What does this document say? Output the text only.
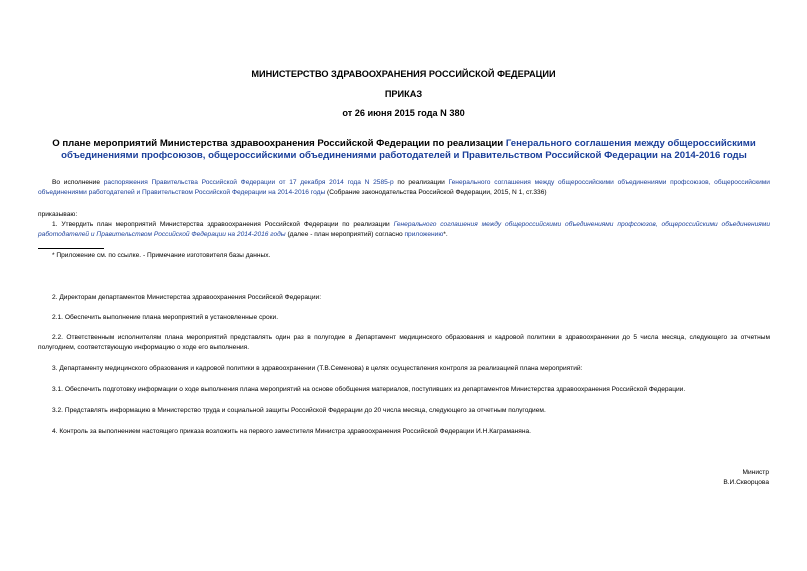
МИНИСТЕРСТВО ЗДРАВООХРАНЕНИЯ РОССИЙСКОЙ ФЕДЕРАЦИИ
ПРИКАЗ
от 26 июня 2015 года N 380
О плане мероприятий Министерства здравоохранения Российской Федерации по реализации Генерального соглашения между общероссийскими объединениями профсоюзов, общероссийскими объединениями работодателей и Правительством Российской Федерации на 2014-2016 годы
Во исполнение распоряжения Правительства Российской Федерации от 17 декабря 2014 года N 2585-р по реализации Генерального соглашения между общероссийскими объединениями профсоюзов, общероссийскими объединениями работодателей и Правительством Российской Федерации на 2014-2016 годы (Собрание законодательства Российской Федерации, 2015, N 1, ст.336)
приказываю:
1. Утвердить план мероприятий Министерства здравоохранения Российской Федерации по реализации Генерального соглашения между общероссийскими объединениями профсоюзов, общероссийскими объединениями работодателей и Правительством Российской Федерации на 2014-2016 годы (далее - план мероприятий) согласно приложению*.
* Приложение см. по ссылке. - Примечание изготовителя базы данных.
2. Директорам департаментов Министерства здравоохранения Российской Федерации:
2.1. Обеспечить выполнение плана мероприятий в установленные сроки.
2.2. Ответственным исполнителям плана мероприятий представлять один раз в полугодие в Департамент медицинского образования и кадровой политики в здравоохранении до 5 числа месяца, следующего за отчетным полугодием, соответствующую информацию о ходе его выполнения.
3. Департаменту медицинского образования и кадровой политики в здравоохранении (Т.В.Семенова) в целях осуществления контроля за реализацией плана мероприятий:
3.1. Обеспечить подготовку информации о ходе выполнения плана мероприятий на основе обобщения материалов, поступивших из департаментов Министерства здравоохранения Российской Федерации.
3.2. Представлять информацию в Министерство труда и социальной защиты Российской Федерации до 20 числа месяца, следующего за отчетным полугодием.
4. Контроль за выполнением настоящего приказа возложить на первого заместителя Министра здравоохранения Российской Федерации И.Н.Каграманяна.
Министр
В.И.Скворцова
